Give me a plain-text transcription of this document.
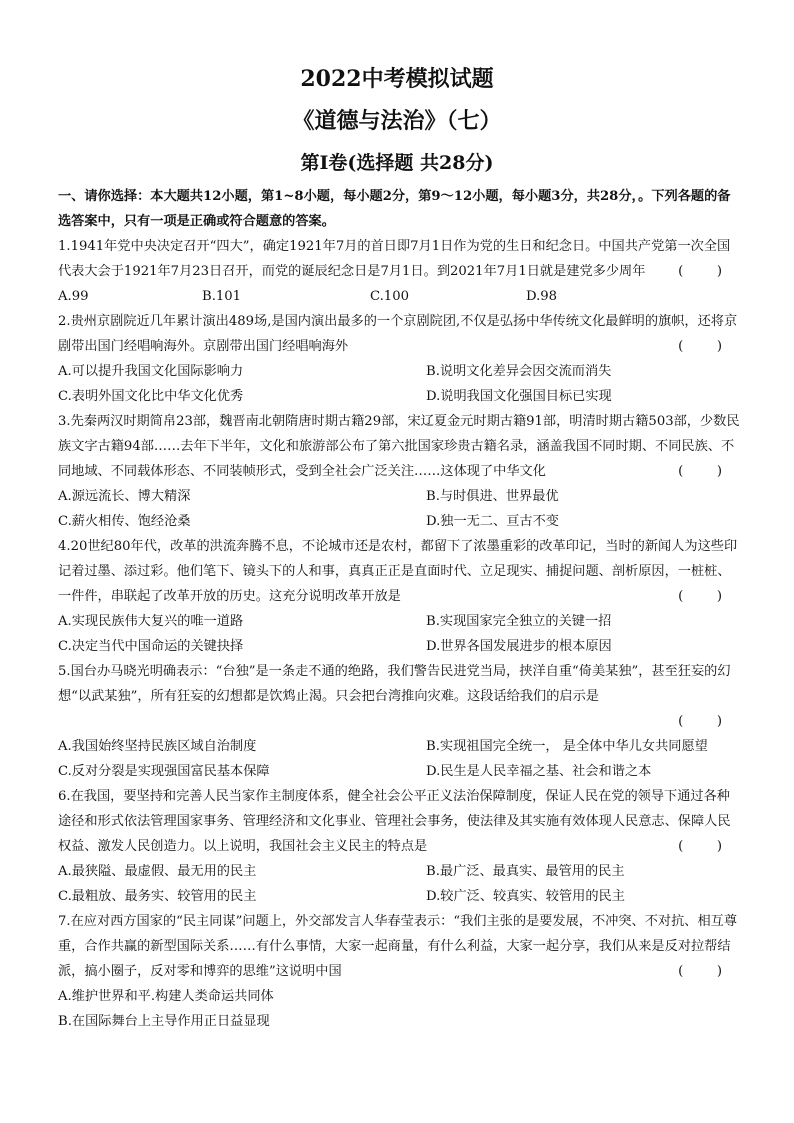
2022中考模拟试题
《道德与法治》（七）
第Ⅰ卷(选择题 共28分)
一、请你选择：本大题共12小题，第1~8小题，每小题2分，第9～12小题，每小题3分，共28分，。下列各题的备选答案中，只有一项是正确或符合题意的答案。
1.1941年党中央决定召开“四大”，确定1921年7月的首日即7月1日作为党的生日和纪念日。中国共产党第一次全国代表大会于1921年7月23日召开，而党的诞辰纪念日是7月1日。到2021年7月1日就是建党多少周年 (        )
A.99	B.101	C.100	D.98
2.贵州京剧院近几年累计演出489场,是国内演出最多的一个京剧院团,不仅是弘扬中华传统文化最鲜明的旗帜，还将京剧带出国门经唱响海外。京剧带出国门经唱响海外	(        )
A.可以提升我国文化国际影响力	B.说明文化差异会因交流而消失
C.表明外国文化比中华文化优秀	D.说明我国文化强国目标已实现
3.先秦两汉时期简帛23部，魏晋南北朝隋唐时期古籍29部，宋辽夏金元时期古籍91部，明清时期古籍503部，少数民族文字古籍94部……去年下半年，文化和旅游部公布了第六批国家珍贵古籍名录，涵盖我国不同时期、不同民族、不同地域、不同载体形态、不同装帧形式，受到全社会广泛关注……这体现了中华文化	(        )
A.源远流长、博大精深	B.与时俱进、世界最优
C.薪火相传、饱经沧桑	D.独一无二、亘古不变
4.20世纪80年代，改革的洪流奔腾不息，不论城市还是农村，都留下了浓墨重彩的改革印记，当时的新闻人为这些印记着过墨、添过彩。他们笔下、镜头下的人和事，真真正正是直面时代、立足现实、捕捉问题、剖析原因，一桩桩、一件件，串联起了改革开放的历史。这充分说明改革开放是	(        )
A.实现民族伟大复兴的唯一道路	B.实现国家完全独立的关键一招
C.决定当代中国命运的关键抉择	D.世界各国发展进步的根本原因
5.国台办马晓光明确表示：“台独”是一条走不通的绝路，我们警告民进党当局，挟洋自重“倚美某独”，甚至狂妄的幻想“以武某独”，所有狂妄的幻想都是饮鸩止渴。只会把台湾推向灾难。这段话给我们的启示是
(        )
A.我国始终坚持民族区域自治制度	B.实现祖国完全统一， 是全体中华儿女共同愿望
C.反对分裂是实现强国富民基本保障	D.民生是人民幸福之基、社会和谐之本
6.在我国，要坚持和完善人民当家作主制度体系，健全社会公平正义法治保障制度，保证人民在党的领导下通过各种途径和形式依法管理国家事务、管理经济和文化事业、管理社会事务，使法律及其实施有效体现人民意志、保障人民权益、激发人民创造力。以上说明，我国社会主义民主的特点是	(        )
A.最狭隘、最虚假、最无用的民主	B.最广泛、最真实、最管用的民主
C.最粗放、最务实、较管用的民主	D.较广泛、较真实、较管用的民主
7.在应对西方国家的“民主同谋”问题上，外交部发言人华春莹表示：“我们主张的是要发展，不冲突、不对抗、相互尊重，合作共赢的新型国际关系……有什么事情，大家一起商量，有什么利益，大家一起分享，我们从来是反对拉帮结派，搞小圈子，反对零和博弈的思维”这说明中国	(        )
A.维护世界和平.构建人类命运共同体
B.在国际舞台上主导作用正日益显现
